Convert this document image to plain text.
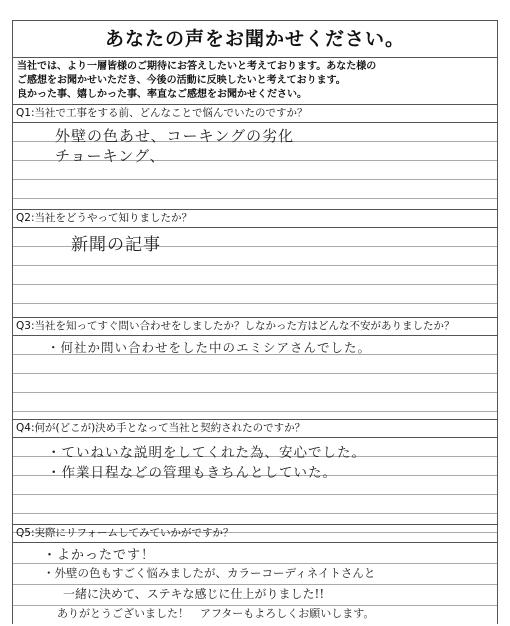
あなたの声をお聞かせください。
当社では、より一層皆様のご期待にお答えしたいと考えております。あなた様の
ご感想をお聞かせいただき、今後の活動に反映したいと考えております。
良かった事、嬉しかった事、率直なご感想をお聞かせください。
Q1:当社で工事をする前、どんなことで悩んでいたのですか？
外壁の色あせ、コーキングの劣化
チョーキング、
Q2:当社をどうやって知りましたか？
新聞の記事
Q3:当社を知ってすぐ問い合わせをしましたか？しなかった方はどんな不安がありましたか？
・何社か問い合わせをした中のエミシアさんでした。
Q4:何が(どこが)決め手となって当社と契約されたのですか？
・ていねいな説明をしてくれた為、安心でした。
・作業日程などの管理もきちんとしていた。
Q5:実際にリフォームしてみていかがですか？
・よかったです！
・外壁の色もすごく悩みましたが、カラーコーディネイトさんと
一緒に決めて、ステキな感じに仕上がりました!!
ありがとうございました！　アフターもよろしくお願いします。
